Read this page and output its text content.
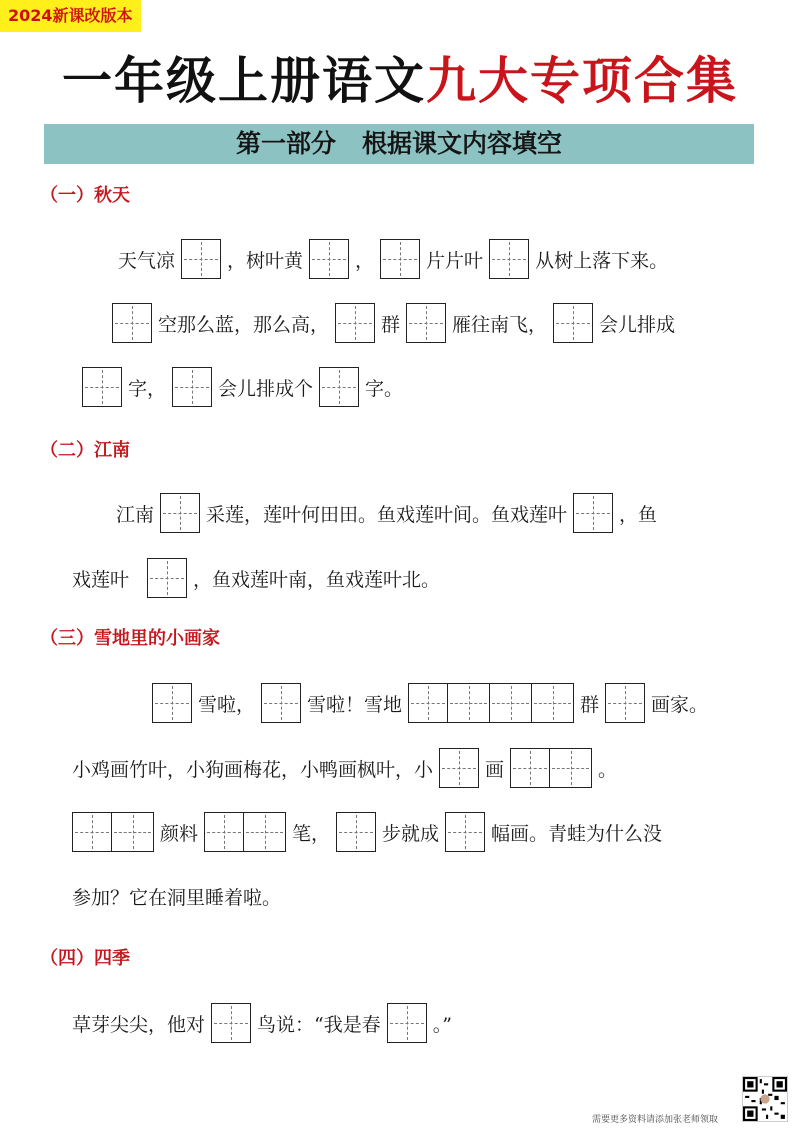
2024新课改版本
一年级上册语文九大专项合集
第一部分   根据课文内容填空
（一）秋天
天气凉	，树叶黄	，	片片叶	从树上落下来。
空那么蓝，那么高，	群	雁往南飞，	会儿排成
字，	会儿排成个	字。
（二）江南
江南	采莲，莲叶何田田。鱼戏莲叶间。鱼戏莲叶	，鱼
戏莲叶	，鱼戏莲叶南，鱼戏莲叶北。
（三）雪地里的小画家
雪啦，	雪啦！雪地	群	画家。
小鸡画竹叶，小狗画梅花，小鸭画枫叶，小	画	。
颜料	笔，	步就成	幅画。青蛙为什么没
参加？它在洞里睡着啦。
（四）四季
草芽尖尖，他对	鸟说：“我是春	。”
需要更多资料请添加张老师领取
